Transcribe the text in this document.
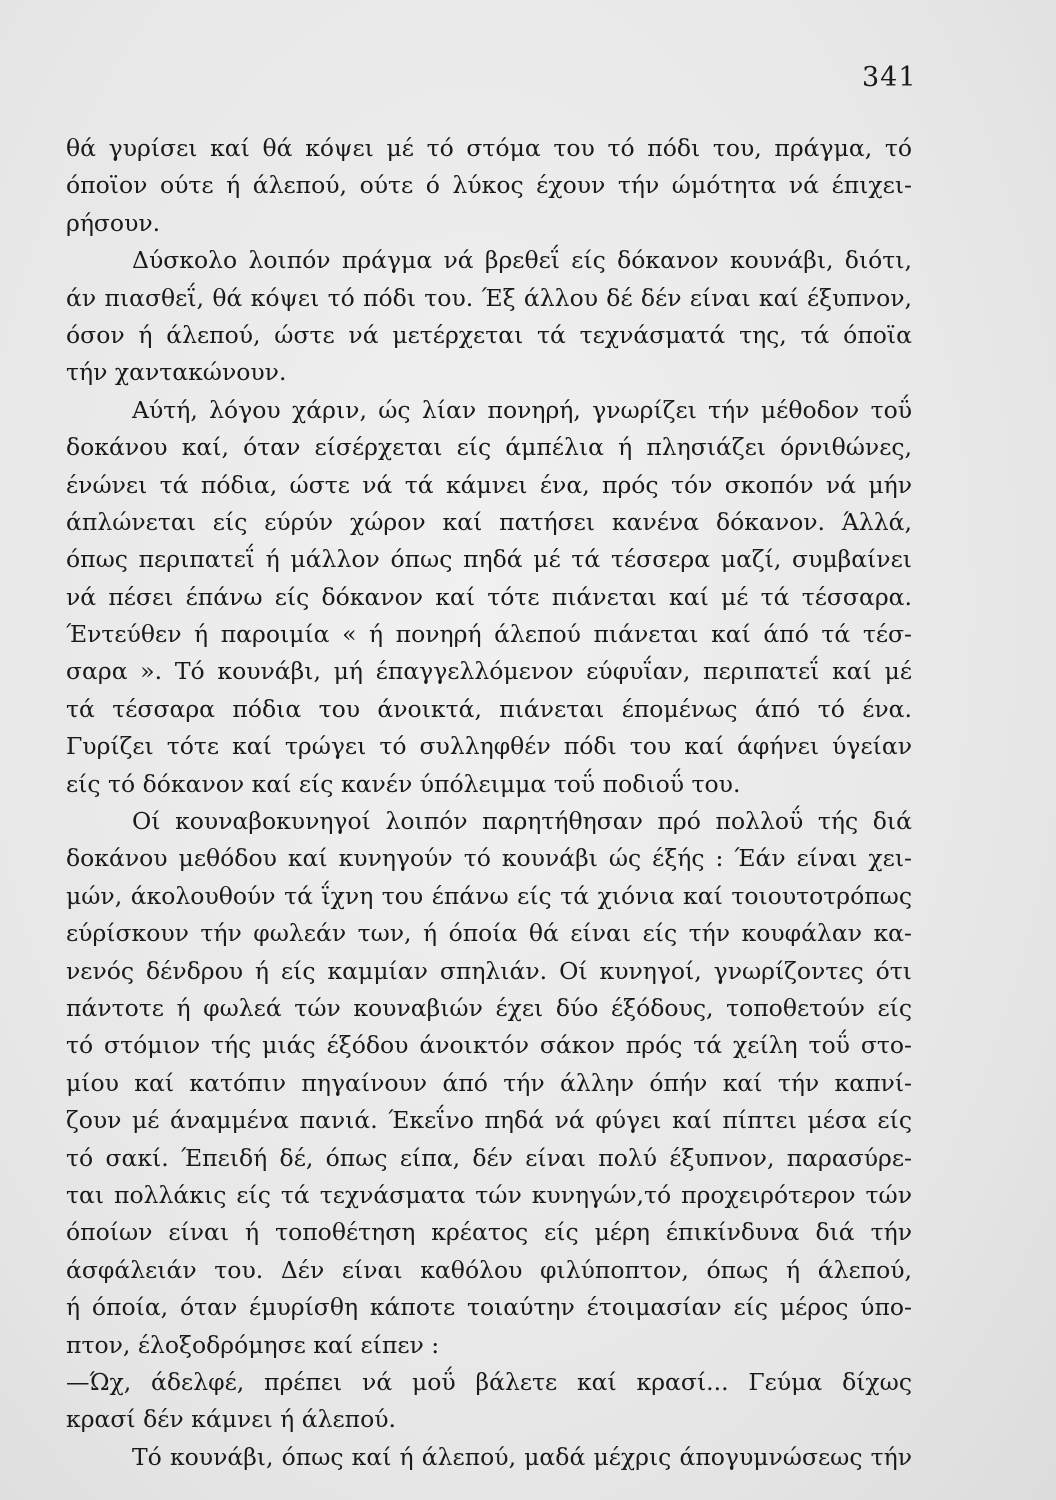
341
θά γυρίσει καί θά κόψει μέ τό στόμα του τό πόδι του, πράγμα, τό
όποϊον ούτε ή άλεπού, ούτε ό λύκος έχουν τήν ώμότητα νά έπιχει-
ρήσουν.
Δύσκολο λοιπόν πράγμα νά βρεθεΐ είς δόκανον κουνάβι, διότι,
άν πιασθεΐ, θά κόψει τό πόδι του. Έξ άλλου δέ δέν είναι καί έξυπνον,
όσον ή άλεπού, ώστε νά μετέρχεται τά τεχνάσματά της, τά όποϊα
τήν χαντακώνουν.
Αύτή, λόγου χάριν, ώς λίαν πονηρή, γνωρίζει τήν μέθοδον τοΰ
δοκάνου καί, όταν είσέρχεται είς άμπέλια ή πλησιάζει όρνιθώνες,
ένώνει τά πόδια, ώστε νά τά κάμνει ένα, πρός τόν σκοπόν νά μήν
άπλώνεται είς εύρύν χώρον καί πατήσει κανένα δόκανον. Άλλά,
όπως περιπατεΐ ή μάλλον όπως πηδά μέ τά τέσσερα μαζί, συμβαίνει
νά πέσει έπάνω είς δόκανον καί τότε πιάνεται καί μέ τά τέσσαρα.
Έντεύθεν ή παροιμία « ή πονηρή άλεπού πιάνεται καί άπό τά τέσ-
σαρα ». Τό κουνάβι, μή έπαγγελλόμενον εύφυΐαν, περιπατεΐ καί μέ
τά τέσσαρα πόδια του άνοικτά, πιάνεται έπομένως άπό τό ένα.
Γυρίζει τότε καί τρώγει τό συλληφθέν πόδι του καί άφήνει ύγείαν
είς τό δόκανον καί είς κανέν ύπόλειμμα τοΰ ποδιοΰ του.
Οί κουναβοκυνηγοί λοιπόν παρητήθησαν πρό πολλοΰ τής διά
δοκάνου μεθόδου καί κυνηγούν τό κουνάβι ώς έξής : Έάν είναι χει-
μών, άκολουθούν τά ΐχνη του έπάνω είς τά χιόνια καί τοιουτοτρόπως
εύρίσκουν τήν φωλεάν των, ή όποία θά είναι είς τήν κουφάλαν κα-
νενός δένδρου ή είς καμμίαν σπηλιάν. Οί κυνηγοί, γνωρίζοντες ότι
πάντοτε ή φωλεά τών κουναβιών έχει δύο έξόδους, τοποθετούν είς
τό στόμιον τής μιάς έξόδου άνοικτόν σάκον πρός τά χείλη τοΰ στο-
μίου καί κατόπιν πηγαίνουν άπό τήν άλλην όπήν καί τήν καπνί-
ζουν μέ άναμμένα πανιά. Έκεΐνο πηδά νά φύγει καί πίπτει μέσα είς
τό σακί. Έπειδή δέ, όπως είπα, δέν είναι πολύ έξυπνον, παρασύρε-
ται πολλάκις είς τά τεχνάσματα τών κυνηγών,τό προχειρότερον τών
όποίων είναι ή τοποθέτηση κρέατος είς μέρη έπικίνδυνα διά τήν
άσφάλειάν του. Δέν είναι καθόλου φιλύποπτον, όπως ή άλεπού,
ή όποία, όταν έμυρίσθη κάποτε τοιαύτην έτοιμασίαν είς μέρος ύπο-
πτον, έλοξοδρόμησε καί είπεν :
—Ώχ, άδελφέ, πρέπει νά μοΰ βάλετε καί κρασί... Γεύμα δίχως
κρασί δέν κάμνει ή άλεπού.
Τό κουνάβι, όπως καί ή άλεπού, μαδά μέχρις άπογυμνώσεως τήν
